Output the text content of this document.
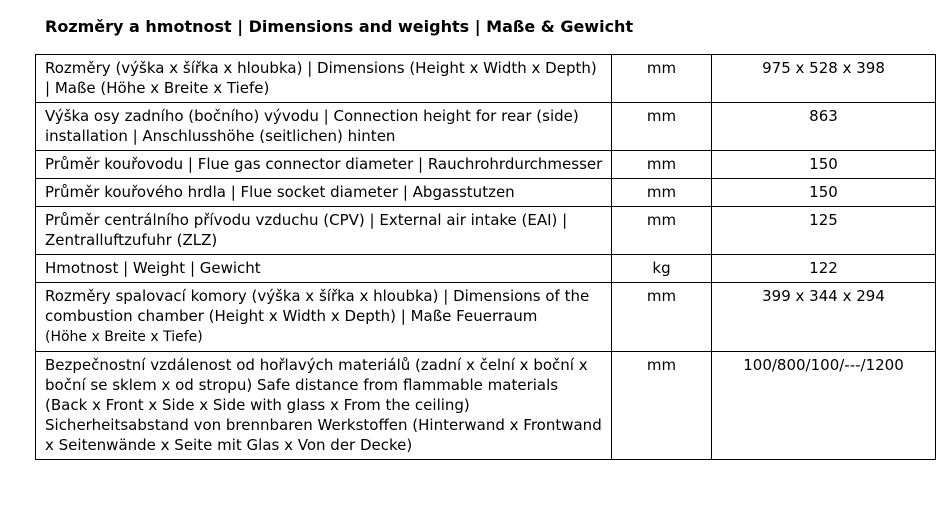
Rozměry a hmotnost | Dimensions and weights | Maße & Gewicht
Rozměry (výška x šířka x hloubka) | Dimensions (Height x Width x Depth) | Maße (Höhe x Breite x Tiefe)	mm	975 x 528 x 398
Výška osy zadního (bočního) vývodu | Connection height for rear (side) installation | Anschlusshöhe (seitlichen) hinten	mm	863
Průměr kouřovodu | Flue gas connector diameter | Rauchrohrdurchmesser	mm	150
Průměr kouřového hrdla | Flue socket diameter | Abgasstutzen	mm	150
Průměr centrálního přívodu vzduchu (CPV) | External air intake (EAI) | Zentralluftzufuhr (ZLZ)	mm	125
Hmotnost | Weight | Gewicht	kg	122
Rozměry spalovací komory (výška x šířka x hloubka) | Dimensions of the combustion chamber (Height x Width x Depth) | Maße Feuerraum
(Höhe x Breite x Tiefe)	mm	399 x 344 x 294
Bezpečnostní vzdálenost od hořlavých materiálů (zadní x čelní x boční x boční se sklem x od stropu) Safe distance from flammable materials (Back x Front x Side x Side with glass x From the ceiling) Sicherheitsabstand von brennbaren Werkstoffen (Hinterwand x Frontwand x Seitenwände x Seite mit Glas x Von der Decke)	mm	100/800/100/---/1200
